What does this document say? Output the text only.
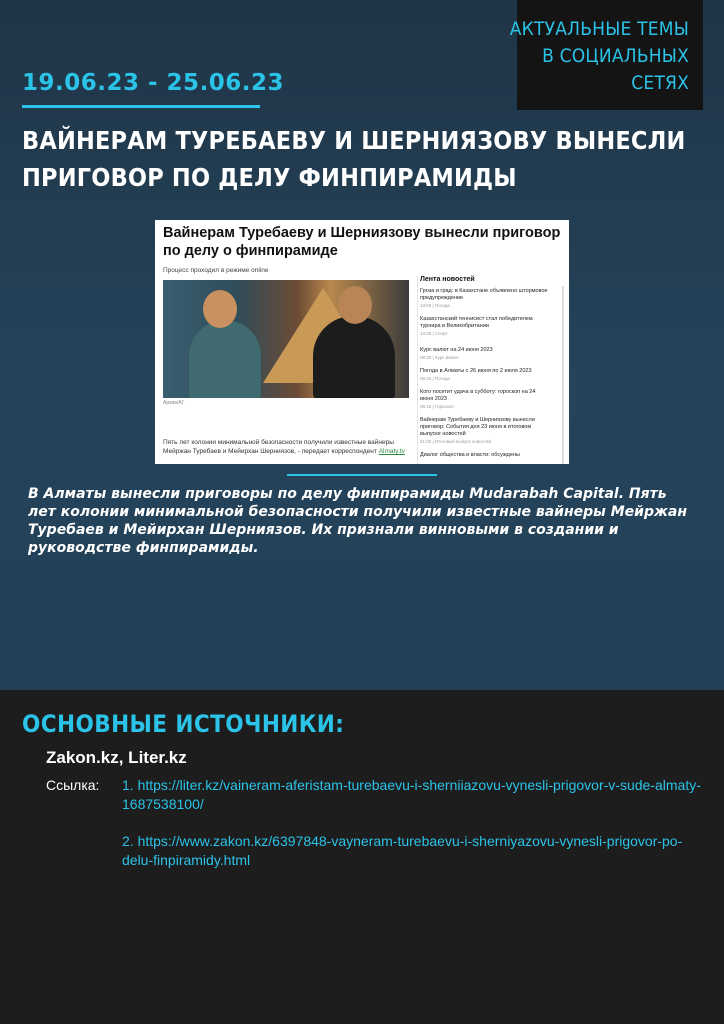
АКТУАЛЬНЫЕ ТЕМЫ
В СОЦИАЛЬНЫХ
СЕТЯХ
19.06.23 - 25.06.23
ВАЙНЕРАМ ТУРЕБАЕВУ И ШЕРНИЯЗОВУ ВЫНЕСЛИ ПРИГОВОР ПО ДЕЛУ ФИНПИРАМИДЫ
Вайнерам Туребаеву и Шерниязову вынесли приговор по делу о финпирамиде
Процесс проходил в режиме online
Архив/АГ
Пять лет колонии минимальной безопасности получили известные вайнеры Мейржан Туребаев и Мейирхан Шерниязов, - передает корреспондент Almaty.tv
Лента новостей
Гроза и град: в Казахстане объявлено штормовое предупреждение
13:56 | Погода
Казахстанский теннисист стал победителем турнира в Великобритании
13:05 | Спорт
Курс валют на 24 июня 2023
09:30 | Курс валют
Погода в Алматы с 26 июня по 2 июля 2023
09:26 | Погода
Кого посетит удача в субботу: гороскоп на 24 июня 2023
09:15 | Гороскоп
Вайнерам Туребаеву и Шерниязову вынесли приговор: События дня 23 июня в итоговом выпуске новостей
21:00 | Итоговый выпуск новостей
Диалог общества и власти: обсуждены
В Алматы вынесли приговоры по делу финпирамиды Mudarabah Capital. Пять лет колонии минимальной безопасности получили известные вайнеры Мейржан Туребаев и Мейирхан Шерниязов. Их признали винновыми в создании и руководстве финпирамиды.
ОСНОВНЫЕ ИСТОЧНИКИ:
Zakon.kz, Liter.kz
Ссылка: 1. https://liter.kz/vaineram-aferistam-turebaevu-i-sherniiazovu-vynesli-prigovor-v-sude-almaty-1687538100/
2. https://www.zakon.kz/6397848-vayneram-turebaevu-i-sherniyazovu-vynesli-prigovor-po-delu-finpiramidy.html
